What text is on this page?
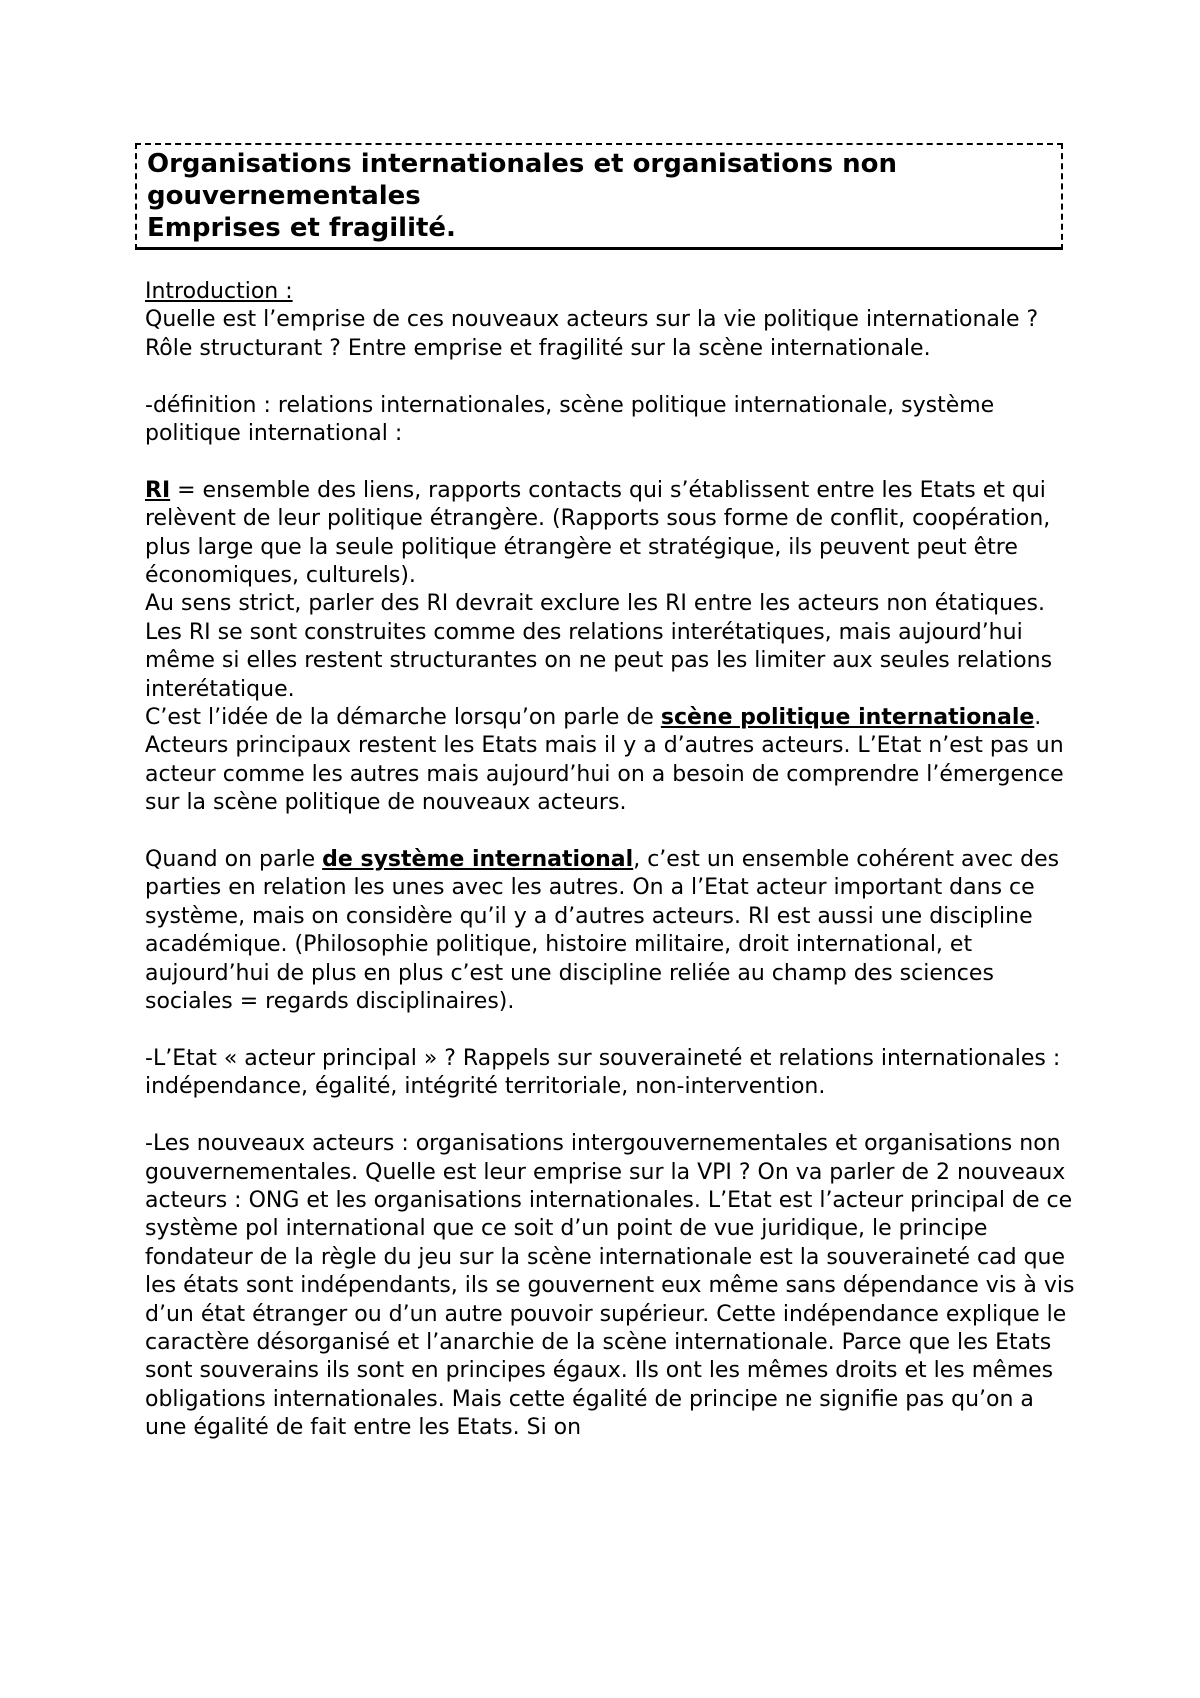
Organisations internationales et organisations non

gouvernementales

Emprises et fragilité.

Introduction :

Quelle est l’emprise de ces nouveaux acteurs sur la vie politique internationale ? Rôle structurant ? Entre emprise et fragilité sur la scène internationale.

-définition : relations internationales, scène politique internationale, système politique international :

RI = ensemble des liens, rapports contacts qui s’établissent entre les Etats et qui relèvent de leur politique étrangère. (Rapports sous forme de conflit, coopération, plus large que la seule politique étrangère et stratégique, ils peuvent peut être économiques, culturels).

Au sens strict, parler des RI devrait exclure les RI entre les acteurs non étatiques. Les RI se sont construites comme des relations interétatiques, mais aujourd’hui même si elles restent structurantes on ne peut pas les limiter aux seules relations interétatique.

C’est l’idée de la démarche lorsqu’on parle de scène politique internationale. Acteurs principaux restent les Etats mais il y a d’autres acteurs. L’Etat n’est pas un acteur comme les autres mais aujourd’hui on a besoin de comprendre l’émergence sur la scène politique de nouveaux acteurs.

Quand on parle de système international, c’est un ensemble cohérent avec des parties en relation les unes avec les autres. On a l’Etat acteur important dans ce système, mais on considère qu’il y a d’autres acteurs. RI est aussi une discipline académique. (Philosophie politique, histoire militaire, droit international, et aujourd’hui de plus en plus c’est une discipline reliée au champ des sciences sociales = regards disciplinaires).

-L’Etat « acteur principal » ? Rappels sur souveraineté et relations internationales : indépendance, égalité, intégrité territoriale, non-intervention.

-Les nouveaux acteurs : organisations intergouvernementales et organisations non gouvernementales. Quelle est leur emprise sur la VPI ? On va parler de 2 nouveaux acteurs : ONG et les organisations internationales. L’Etat est l’acteur principal de ce système pol international que ce soit d’un point de vue juridique, le principe fondateur de la règle du jeu sur la scène internationale est la souveraineté cad que les états sont indépendants, ils se gouvernent eux même sans dépendance vis à vis d’un état étranger ou d’un autre pouvoir supérieur. Cette indépendance explique le caractère désorganisé et l’anarchie de la scène internationale. Parce que les Etats sont souverains ils sont en principes égaux. Ils ont les mêmes droits et les mêmes obligations internationales. Mais cette égalité de principe ne signifie pas qu’on a une égalité de fait entre les Etats. Si on
